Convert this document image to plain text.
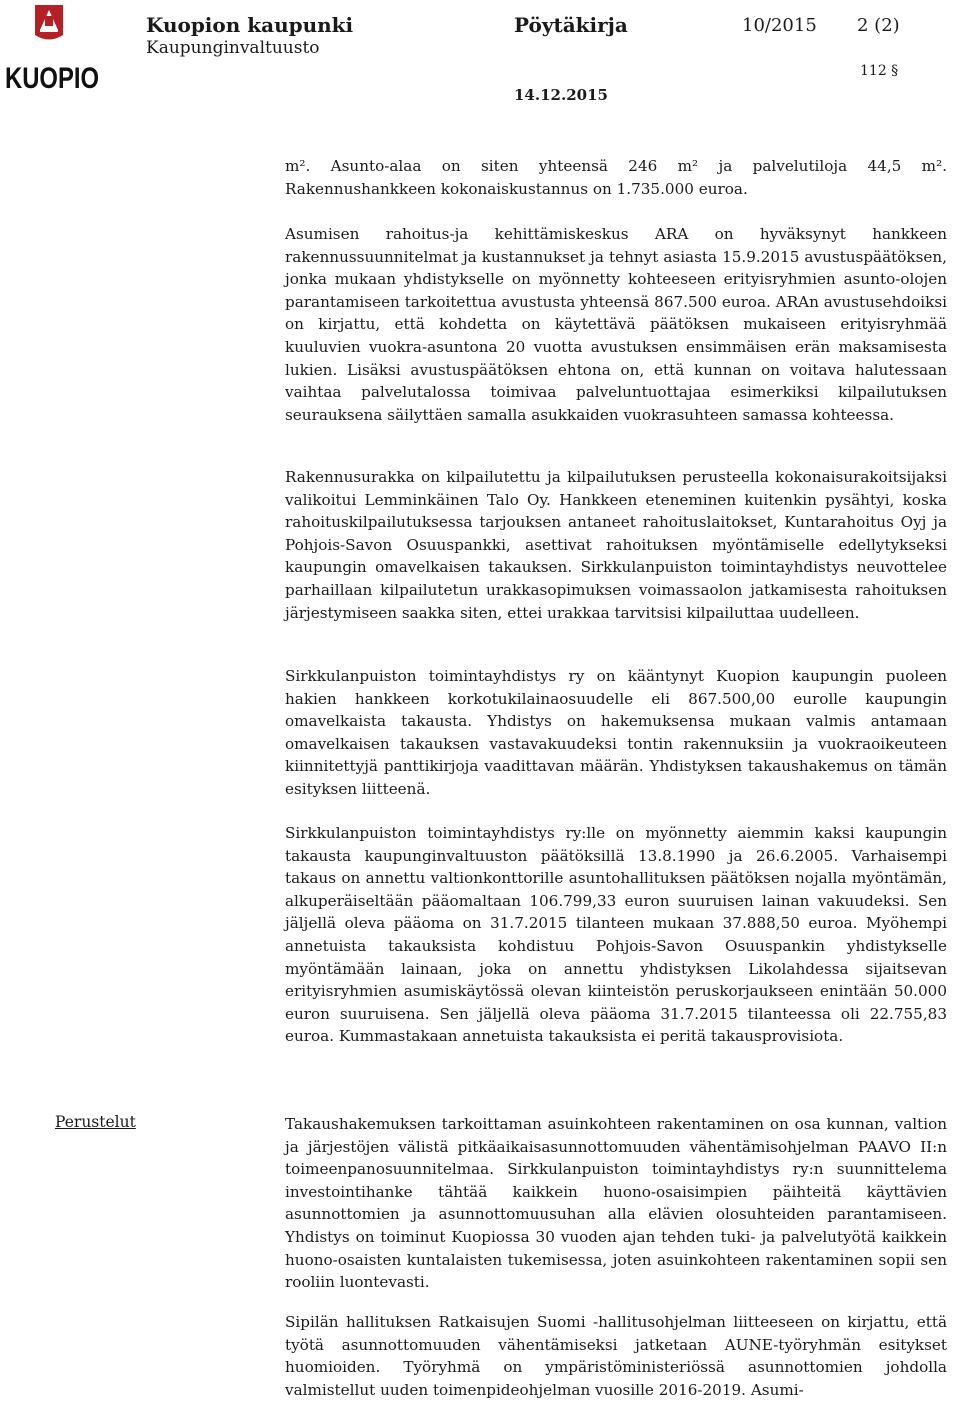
KUOPIO
Kuopion kaupunki
Kaupunginvaltuusto
Pöytäkirja	10/2015 2 (2)
112 §
14.12.2015

m². Asunto-alaa on siten yhteensä 246 m² ja palvelutiloja 44,5 m². Rakennushankkeen kokonaiskustannus on 1.735.000 euroa.

Asumisen rahoitus-ja kehittämiskeskus ARA on hyväksynyt hankkeen rakennussuunnitelmat ja kustannukset ja tehnyt asiasta 15.9.2015 avustuspäätöksen, jonka mukaan yhdistykselle on myönnetty kohteeseen erityisryhmien asunto-olojen parantamiseen tarkoitettua avustusta yhteensä 867.500 euroa. ARAn avustusehdoiksi on kirjattu, että kohdetta on käytettävä päätöksen mukaiseen erityisryhmää kuuluvien vuokra-asuntona 20 vuotta avustuksen ensimmäisen erän maksamisesta lukien. Lisäksi avustuspäätöksen ehtona on, että kunnan on voitava halutessaan vaihtaa palvelutalossa toimivaa palveluntuottajaa esimerkiksi kilpailutuksen seurauksena säilyttäen samalla asukkaiden vuokrasuhteen samassa kohteessa.

Rakennusurakka on kilpailutettu ja kilpailutuksen perusteella kokonaisurakoitsijaksi valikoitui Lemminkäinen Talo Oy. Hankkeen eteneminen kuitenkin pysähtyi, koska rahoituskilpailutuksessa tarjouksen antaneet rahoituslaitokset, Kuntarahoitus Oyj ja Pohjois-Savon Osuuspankki, asettivat rahoituksen myöntämiselle edellytykseksi kaupungin omavelkaisen takauksen. Sirkkulanpuiston toimintayhdistys neuvottelee parhaillaan kilpailutetun urakkasopimuksen voimassaolon jatkamisesta rahoituksen järjestymiseen saakka siten, ettei urakkaa tarvitsisi kilpailuttaa uudelleen.

Sirkkulanpuiston toimintayhdistys ry on kääntynyt Kuopion kaupungin puoleen hakien hankkeen korkotukilainaosuudelle eli 867.500,00 eurolle kaupungin omavelkaista takausta. Yhdistys on hakemuksensa mukaan valmis antamaan omavelkaisen takauksen vastavakuudeksi tontin rakennuksiin ja vuokraoikeuteen kiinnitettyjä panttikirjoja vaadittavan määrän. Yhdistyksen takaushakemus on tämän esityksen liitteenä.

Sirkkulanpuiston toimintayhdistys ry:lle on myönnetty aiemmin kaksi kaupungin takausta kaupunginvaltuuston päätöksillä 13.8.1990 ja 26.6.2005. Varhaisempi takaus on annettu valtionkonttorille asuntohallituksen päätöksen nojalla myöntämän, alkuperäiseltään pääomaltaan 106.799,33 euron suuruisen lainan vakuudeksi. Sen jäljellä oleva pääoma on 31.7.2015 tilanteen mukaan 37.888,50 euroa. Myöhempi annetuista takauksista kohdistuu Pohjois-Savon Osuuspankin yhdistykselle myöntämään lainaan, joka on annettu yhdistyksen Likolahdessa sijaitsevan erityisryhmien asumiskäytössä olevan kiinteistön peruskorjaukseen enintään 50.000 euron suuruisena. Sen jäljellä oleva pääoma 31.7.2015 tilanteessa oli 22.755,83 euroa. Kummastakaan annetuista takauksista ei peritä takausprovisiota.

Perustelut	Takaushakemuksen tarkoittaman asuinkohteen rakentaminen on osa kunnan, valtion ja järjestöjen välistä pitkäaikaisasunnottomuuden vähentämisohjelman PAAVO II:n toimeenpanosuunnitelmaa. Sirkkulanpuiston toimintayhdistys ry:n suunnittelema investointihanke tähtää kaikkein huono-osaisimpien päihteitä käyttävien asunnottomien ja asunnottomuusuhan alla elävien olosuhteiden parantamiseen. Yhdistys on toiminut Kuopiossa 30 vuoden ajan tehden tuki- ja palvelutyötä kaikkein huono-osaisten kuntalaisten tukemisessa, joten asuinkohteen rakentaminen sopii sen rooliin luontevasti.

Sipilän hallituksen Ratkaisujen Suomi -hallitusohjelman liitteeseen on kirjattu, että työtä asunnottomuuden vähentämiseksi jatketaan AUNE-työryhmän esitykset huomioiden. Työryhmä on ympäristöministeriössä asunnottomien johdolla valmistellut uuden toimenpideohjelman vuosille 2016-2019. Asumi-
